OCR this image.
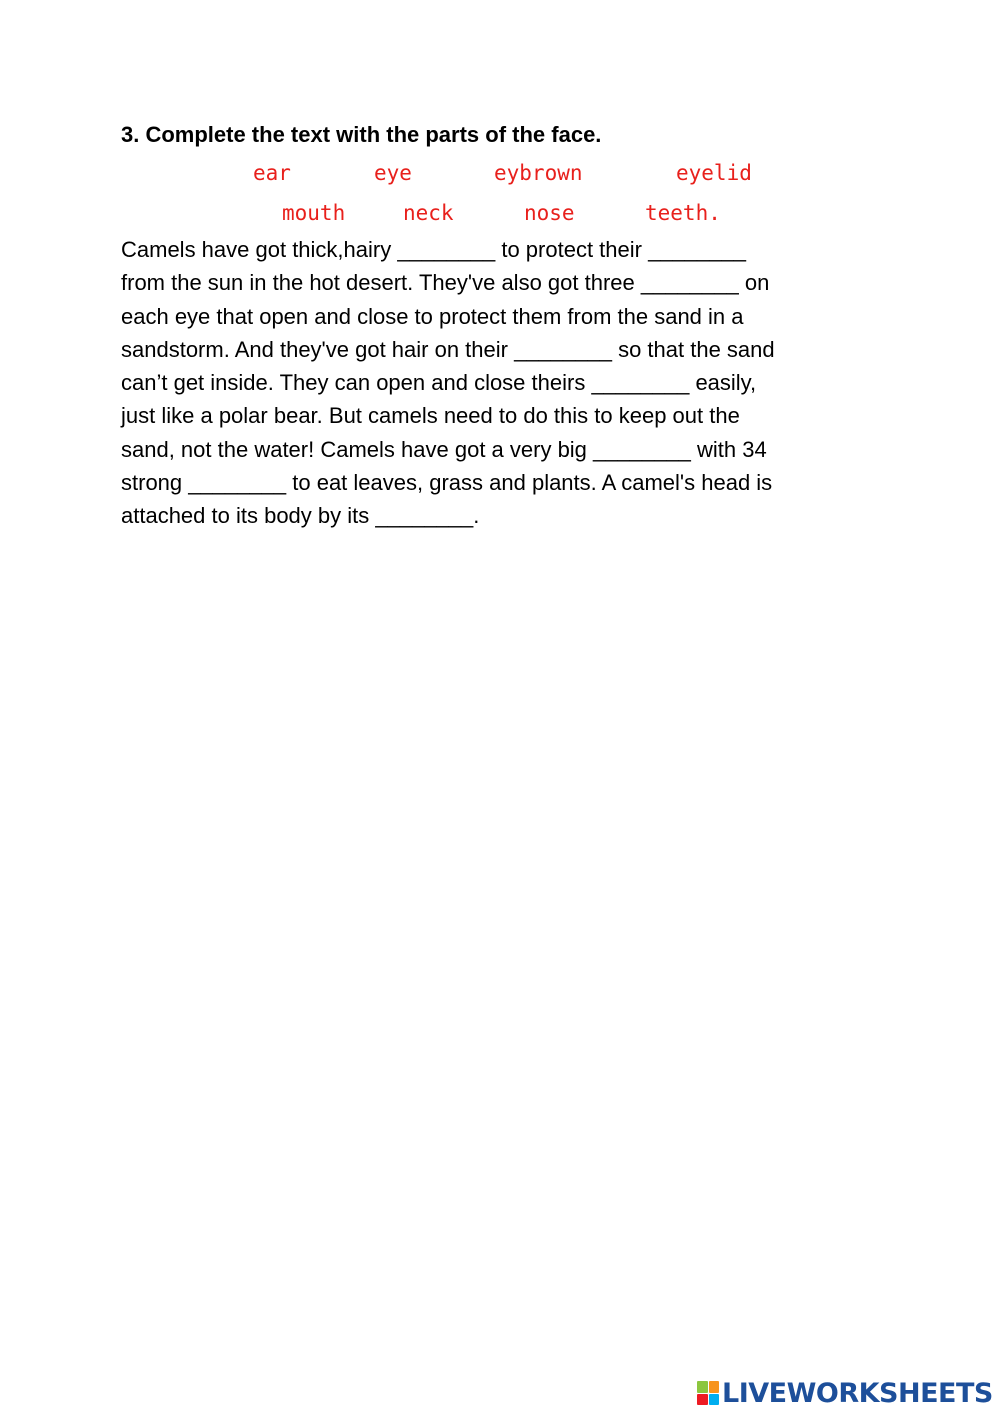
3. Complete the text with the parts of the face.
ear	eye	eybrown	eyelid
mouth	neck	nose	teeth.

Camels have got thick,hairy ________ to protect their ________
from the sun in the hot desert. They've also got three ________ on
each eye that open and close to protect them from the sand in a
sandstorm. And they've got hair on their ________ so that the sand
can’t get inside. They can open and close theirs ________ easily,
just like a polar bear. But camels need to do this to keep out the
sand, not the water! Camels have got a very big ________ with 34
strong ________ to eat leaves, grass and plants. A camel's head is
attached to its body by its ________.

LIVEWORKSHEETS
